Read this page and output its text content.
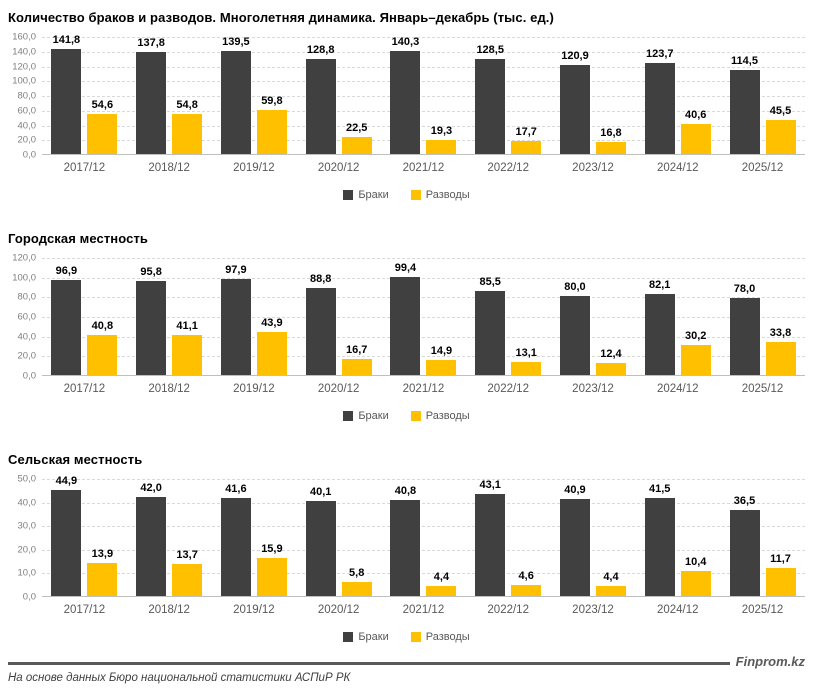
Количество браков и разводов. Многолетняя динамика. Январь–декабрь (тыс. ед.)
0,0
20,0
40,0
60,0
80,0
100,0
120,0
140,0
160,0 141,8
54,6
137,8
54,8
139,5
59,8
128,8
22,5
140,3
19,3
128,5
17,7
120,9
16,8
123,7
40,6
114,5
45,5
2017/12	2018/12	2019/12	2020/12	2021/12	2022/12	2023/12	2024/12	2025/12
Браки	Разводы
Городская местность
0,0
20,0
40,0
60,0
80,0
100,0
120,0
96,9
40,8
95,8
41,1
97,9
43,9
88,8
16,7
99,4
14,9
85,5
13,1
80,0
12,4
82,1
30,2
78,0
33,8
2017/12	2018/12	2019/12	2020/12	2021/12	2022/12	2023/12	2024/12	2025/12
Браки	Разводы
Сельская местность
0,0
10,0
20,0
30,0
40,0
50,0 44,9
13,9
42,0
13,7
41,6
15,9
40,1
5,8
40,8
4,4
43,1
4,6
40,9
4,4
41,5
10,4
36,5
11,7
2017/12	2018/12	2019/12	2020/12	2021/12	2022/12	2023/12	2024/12	2025/12
Браки	Разводы
Finprom.kz
На основе данных Бюро национальной статистики АСПиР РК
